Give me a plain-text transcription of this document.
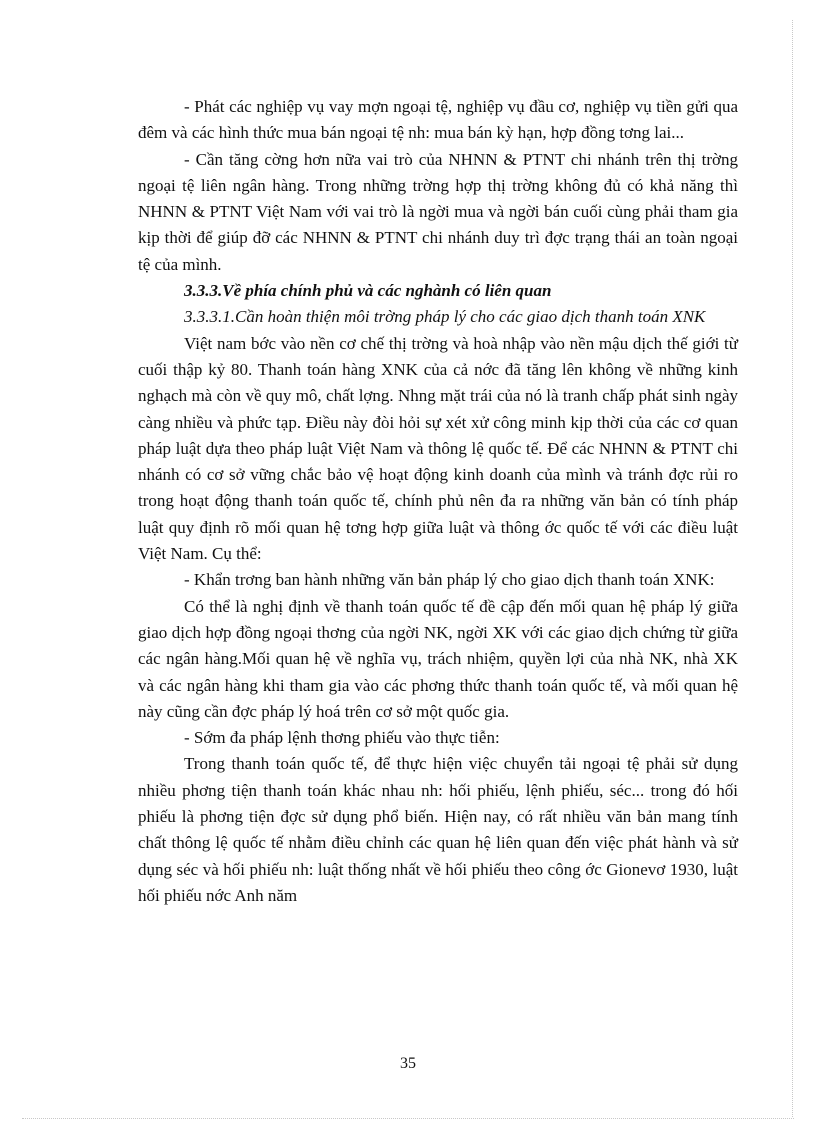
- Phát các nghiệp vụ vay mợn ngoại tệ, nghiệp vụ đầu cơ, nghiệp vụ tiền gửi qua đêm và các hình thức mua bán ngoại tệ nh: mua bán kỳ hạn, hợp đồng tơng lai...

- Cần tăng cờng hơn nữa vai trò của NHNN & PTNT chi nhánh trên thị trờng ngoại tệ liên ngân hàng. Trong những trờng hợp thị trờng không đủ có khả năng thì NHNN & PTNT Việt Nam với vai trò là ngời mua và ngời bán cuối cùng phải tham gia kịp thời để giúp đỡ các NHNN & PTNT chi nhánh duy trì đợc trạng thái an toàn ngoại tệ của mình.

3.3.3.Về phía chính phủ và các nghành có liên quan

3.3.3.1.Cần hoàn thiện môi trờng pháp lý cho các giao dịch thanh toán XNK

Việt nam bớc vào nền cơ chế thị trờng và hoà nhập vào nền mậu dịch thế giới từ cuối thập kỷ 80. Thanh toán hàng XNK của cả nớc đã tăng lên không về những kinh nghạch mà còn về quy mô, chất lợng. Nhng mặt trái của nó là tranh chấp phát sinh ngày càng nhiều và phức tạp. Điều này đòi hỏi sự xét xử công minh kịp thời của các cơ quan pháp luật dựa theo pháp luật Việt Nam và thông lệ quốc tế. Để các NHNN & PTNT chi nhánh có cơ sở vững chắc bảo vệ hoạt động kinh doanh của mình và tránh đợc rủi ro trong hoạt động thanh toán quốc tế, chính phủ nên đa ra những văn bản có tính pháp luật quy định rõ mối quan hệ tơng hợp giữa luật và thông ớc quốc tế với các điều luật Việt Nam. Cụ thể:

- Khẩn trơng ban hành những văn bản pháp lý cho giao dịch thanh toán XNK:

Có thể là nghị định về thanh toán quốc tế đề cập đến mối quan hệ pháp lý giữa giao dịch hợp đồng ngoại thơng của ngời NK, ngời XK với các giao dịch chứng từ giữa các ngân hàng.Mối quan hệ về nghĩa vụ, trách nhiệm, quyền lợi của nhà NK, nhà XK và các ngân hàng khi tham gia vào các phơng thức thanh toán quốc tế, và mối quan hệ này cũng cần đợc pháp lý hoá trên cơ sở một quốc gia.

- Sớm đa pháp lệnh thơng phiếu vào thực tiễn:

Trong thanh toán quốc tế, để thực hiện việc chuyển tải ngoại tệ phải sử dụng nhiều phơng tiện thanh toán khác nhau nh: hối phiếu, lệnh phiếu, séc... trong đó hối phiếu là phơng tiện đợc sử dụng phổ biến. Hiện nay, có rất nhiều văn bản mang tính chất thông lệ quốc tế nhằm điều chỉnh các quan hệ liên quan đến việc phát hành và sử dụng séc và hối phiếu nh: luật thống nhất về hối phiếu theo công ớc Gionevơ 1930, luật hối phiếu nớc Anh năm

35
